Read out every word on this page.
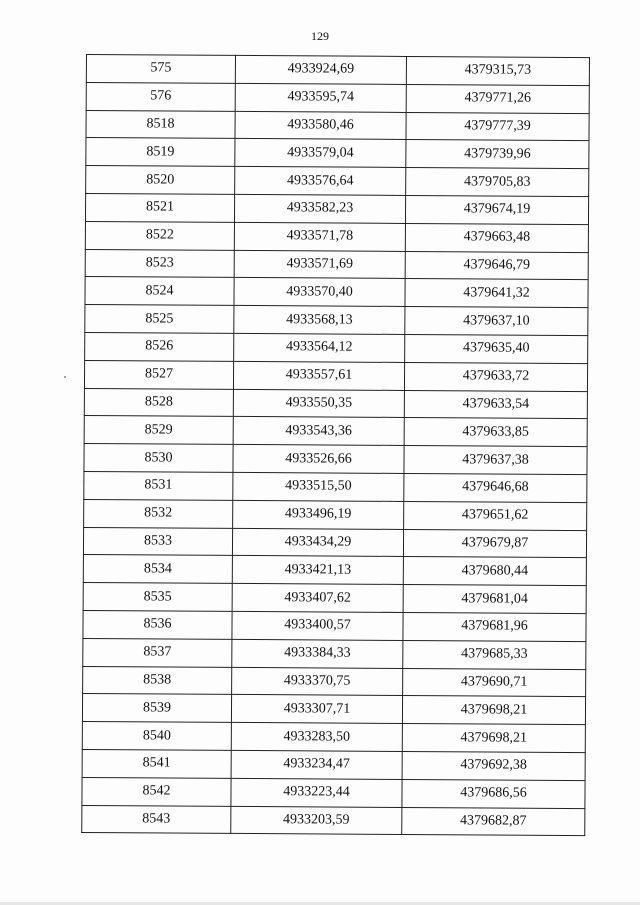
129
575	4933924,69	4379315,73
576	4933595,74	4379771,26
8518	4933580,46	4379777,39
8519	4933579,04	4379739,96
8520	4933576,64	4379705,83
8521	4933582,23	4379674,19
8522	4933571,78	4379663,48
8523	4933571,69	4379646,79
8524	4933570,40	4379641,32
8525	4933568,13	4379637,10
8526	4933564,12	4379635,40
8527	4933557,61	4379633,72
8528	4933550,35	4379633,54
8529	4933543,36	4379633,85
8530	4933526,66	4379637,38
8531	4933515,50	4379646,68
8532	4933496,19	4379651,62
8533	4933434,29	4379679,87
8534	4933421,13	4379680,44
8535	4933407,62	4379681,04
8536	4933400,57	4379681,96
8537	4933384,33	4379685,33
8538	4933370,75	4379690,71
8539	4933307,71	4379698,21
8540	4933283,50	4379698,21
8541	4933234,47	4379692,38
8542	4933223,44	4379686,56
8543	4933203,59	4379682,87
